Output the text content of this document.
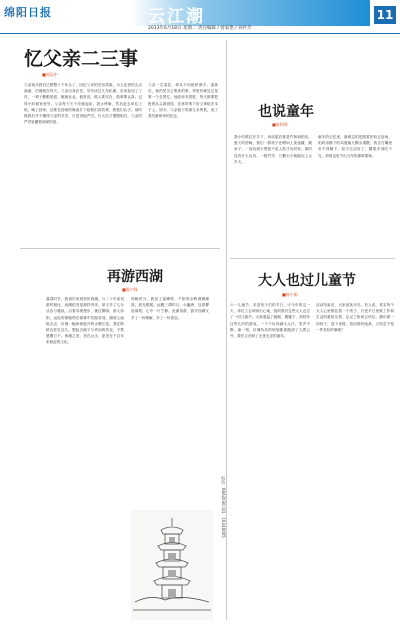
绵阳日报	云江潮
2013年6月18日 星期二 责任编辑 / 曾家艳 / 孙传芳
11
忆父亲二三事
■郭汉中
父亲离开我们已整整十个年头了。回忆父亲的音容笑貌，为人处世的点点滴滴，仿佛就在昨天。父亲出身贫苦，早年读过几年私塾，后来参加了工作，一辈子勤勤恳恳，兢兢业业。他常说，做人要实在，做事要认真。记得小时候家里穷，父亲每天天不亮就起床，挑水劈柴，然后赶去单位上班。晚上回家，还要在昏暗的煤油灯下给我们讲故事，教我们认字。那时候我们并不懂得父亲的辛苦，只觉得他严厉。长大后才慢慢明白，父亲的严厉里藏着深深的爱。
父亲一生清贫，却从不向组织伸手。退休后，他仍然关心集体的事，邻里有难处总是第一个去帮忙。他爱读书看报，每天都要把报纸从头看到尾，还常常剪下好文章贴在本子上。如今，父亲留下的那几本剪报，成了我们最珍贵的纪念。	也说童年
■陈和珍
我小时候住在乡下，房前屋后都是竹林和稻田。夏天的傍晚，我们一群孩子在晒坝上捉迷藏、跳房子，一直玩到天黑看不见人影才肯回家。那时没有什么玩具，一根竹竿、几颗石子就能玩上大半天。
童年的记忆里，最难忘的是跟着奶奶去赶场。奶奶用攒下的鸡蛋换几颗水果糖，我含在嘴里舍不得咽下。如今生活好了，糖果多得吃不完，却再也吃不出当年的那种甜味。
再游西湖
■陈兴锋
暮春时节，我再次来到杭州西湖。与二十年前初游时相比，西湖依旧是那样秀美，却又多了几分从容与雅致。沿着苏堤漫步，桃红柳绿，游人如织。远处的保俶塔在薄雾中若隐若现，湖面上画舫点点，仿佛一幅徐徐展开的水墨长卷。我在断桥边驻足良久，想起白娘子与许仙的传说，不禁感慨万千。西湖之美，美在山水，更美在千百年来积淀的文化。
傍晚时分，我登上雷峰塔，夕阳的余晖洒满湖面，波光粼粼。远眺三潭印月、小瀛洲，近看柳浪闻莺，心中一片宁静。此番再游，我对西湖又多了一份理解，多了一份眷恋。
电话：6662030 QQ：10240005
大人也过儿童节
■杨小娟
六一儿童节，本是孩子们的节日。可今年的这一天，单位工会却别出心裁，组织我们这些大人也过了一回儿童节。大家重温了跳绳、踢毽子、滚铁环这些儿时的游戏，一个个玩得满头大汗，笑声不断。那一刻，仿佛所有的烦恼都被抛到了九霄云外，我们又回到了无忧无虑的童年。
活动结束后，大家意犹未尽。有人说，其实每个大人心里都住着一个孩子，只是平日里被工作和生活的重担压着，忘记了如何去快乐。偶尔做一回孩子，放下身段，找回那份纯真，又何尝不是一件美好的事呢？
